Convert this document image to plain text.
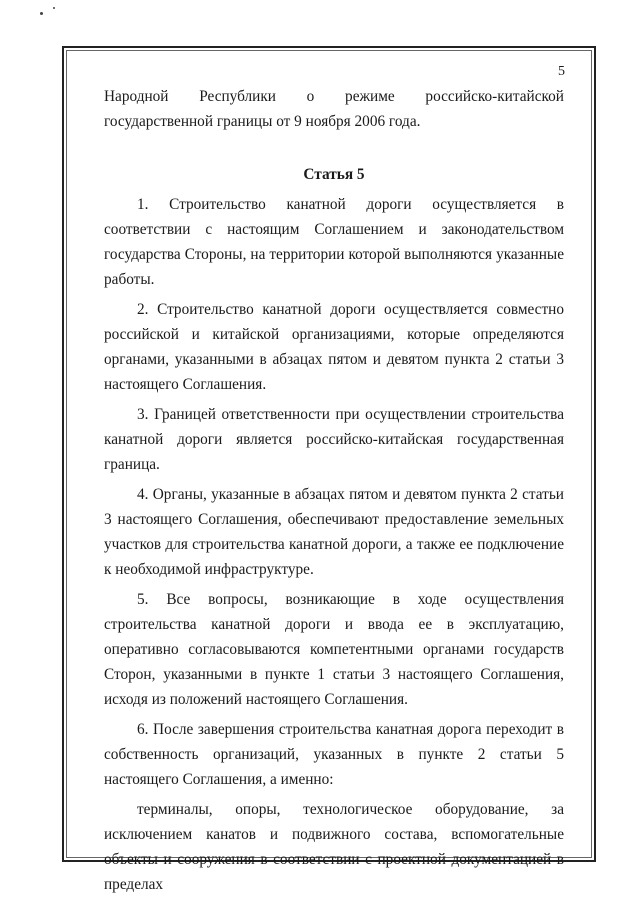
5

Народной Республики о режиме российско-китайской государственной границы от 9 ноября 2006 года.

Статья 5

1. Строительство канатной дороги осуществляется в соответствии с настоящим Соглашением и законодательством государства Стороны, на территории которой выполняются указанные работы.

2. Строительство канатной дороги осуществляется совместно российской и китайской организациями, которые определяются органами, указанными в абзацах пятом и девятом пункта 2 статьи 3 настоящего Соглашения.

3. Границей ответственности при осуществлении строительства канатной дороги является российско-китайская государственная граница.

4. Органы, указанные в абзацах пятом и девятом пункта 2 статьи 3 настоящего Соглашения, обеспечивают предоставление земельных участков для строительства канатной дороги, а также ее подключение к необходимой инфраструктуре.

5. Все вопросы, возникающие в ходе осуществления строительства канатной дороги и ввода ее в эксплуатацию, оперативно согласовываются компетентными органами государств Сторон, указанными в пункте 1 статьи 3 настоящего Соглашения, исходя из положений настоящего Соглашения.

6. После завершения строительства канатная дорога переходит в собственность организаций, указанных в пункте 2 статьи 5 настоящего Соглашения, а именно:

терминалы, опоры, технологическое оборудование, за исключением канатов и подвижного состава, вспомогательные объекты и сооружения в соответствии с проектной документацией в пределах
